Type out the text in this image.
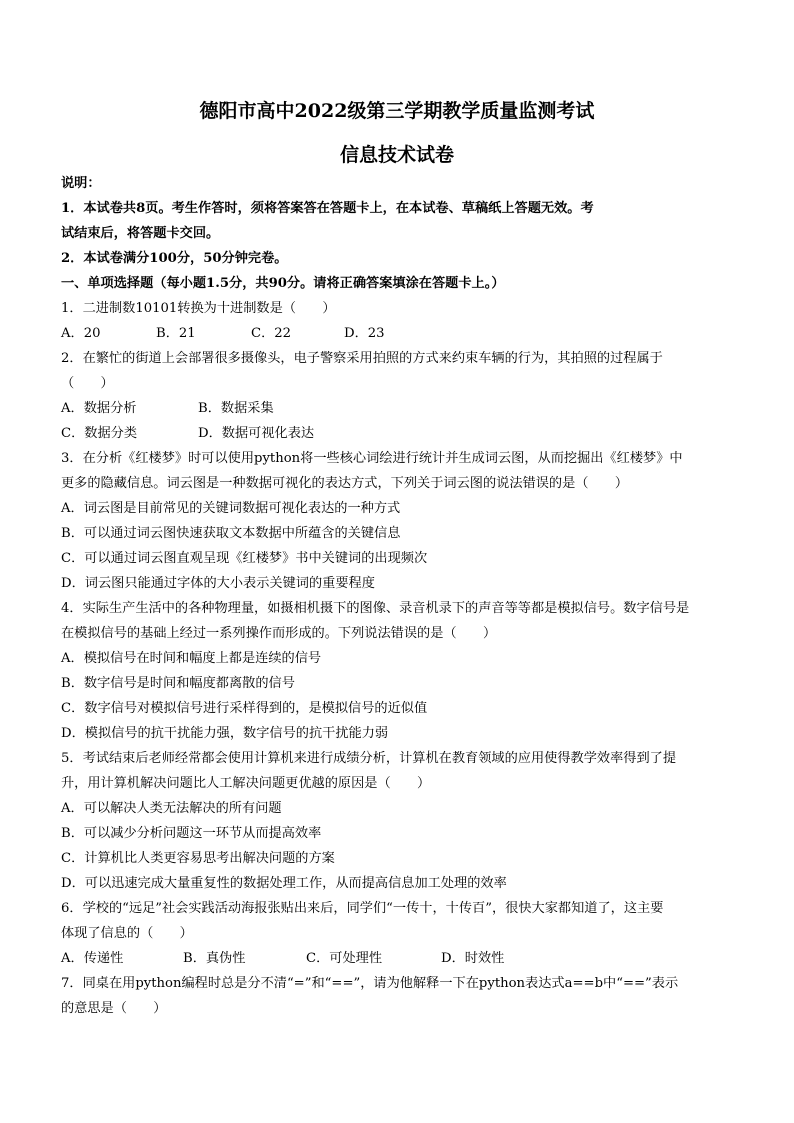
德阳市高中2022级第三学期教学质量监测考试
信息技术试卷
说明：
1．本试卷共8页。考生作答时，须将答案答在答题卡上，在本试卷、草稿纸上答题无效。考
试结束后，将答题卡交回。
2．本试卷满分100分，50分钟完卷。
一、单项选择题（每小题1.5分，共90分。请将正确答案填涂在答题卡上。）
1．二进制数10101转换为十进制数是（　　）
A．20	B．21	C．22	D．23
2．在繁忙的街道上会部署很多摄像头，电子警察采用拍照的方式来约束车辆的行为，其拍照的过程属于
（　　）
A．数据分析	B．数据采集
C．数据分类	D．数据可视化表达
3．在分析《红楼梦》时可以使用python将一些核心词绘进行统计并生成词云图，从而挖掘出《红楼梦》中
更多的隐藏信息。词云图是一种数据可视化的表达方式，下列关于词云图的说法错误的是（　　）
A．词云图是目前常见的关键词数据可视化表达的一种方式
B．可以通过词云图快速获取文本数据中所蕴含的关键信息
C．可以通过词云图直观呈现《红楼梦》书中关键词的出现频次
D．词云图只能通过字体的大小表示关键词的重要程度
4．实际生产生活中的各种物理量，如摄相机摄下的图像、录音机录下的声音等等都是模拟信号。数字信号是
在模拟信号的基础上经过一系列操作而形成的。下列说法错误的是（　　）
A．模拟信号在时间和幅度上都是连续的信号
B．数字信号是时间和幅度都离散的信号
C．数字信号对模拟信号进行采样得到的，是模拟信号的近似值
D．模拟信号的抗干扰能力强，数字信号的抗干扰能力弱
5．考试结束后老师经常都会使用计算机来进行成绩分析，计算机在教育领域的应用使得教学效率得到了提
升，用计算机解决问题比人工解决问题更优越的原因是（　　）
A．可以解决人类无法解决的所有问题
B．可以减少分析问题这一环节从而提高效率
C．计算机比人类更容易思考出解决问题的方案
D．可以迅速完成大量重复性的数据处理工作，从而提高信息加工处理的效率
6．学校的“远足”社会实践活动海报张贴出来后，同学们“一传十，十传百”，很快大家都知道了，这主要
体现了信息的（　　）
A．传递性	B．真伪性	C．可处理性	D．时效性
7．同桌在用python编程时总是分不清“=”和“==”，请为他解释一下在python表达式a==b中“==”表示
的意思是（　　）
